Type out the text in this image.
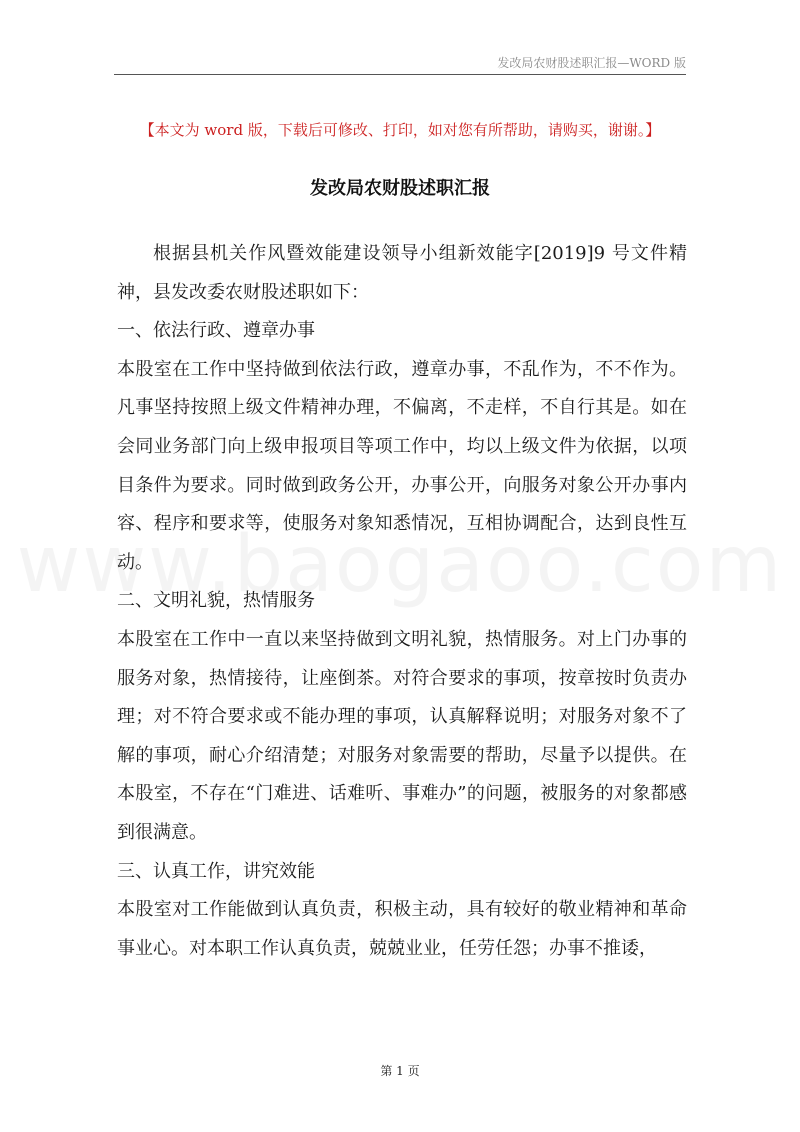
发改局农财股述职汇报—WORD 版
【本文为 word 版，下载后可修改、打印，如对您有所帮助，请购买，谢谢。】
发改局农财股述职汇报

根据县机关作风暨效能建设领导小组新效能字[2019]9 号文件精神，县发改委农财股述职如下：

一、依法行政、遵章办事

本股室在工作中坚持做到依法行政，遵章办事，不乱作为，不不作为。凡事坚持按照上级文件精神办理，不偏离，不走样，不自行其是。如在会同业务部门向上级申报项目等项工作中，均以上级文件为依据，以项目条件为要求。同时做到政务公开，办事公开，向服务对象公开办事内容、程序和要求等，使服务对象知悉情况，互相协调配合，达到良性互动。

二、文明礼貌，热情服务

本股室在工作中一直以来坚持做到文明礼貌，热情服务。对上门办事的服务对象，热情接待，让座倒茶。对符合要求的事项，按章按时负责办理；对不符合要求或不能办理的事项，认真解释说明；对服务对象不了解的事项，耐心介绍清楚；对服务对象需要的帮助，尽量予以提供。在本股室，不存在“门难进、话难听、事难办”的问题，被服务的对象都感到很满意。

三、认真工作，讲究效能

本股室对工作能做到认真负责，积极主动，具有较好的敬业精神和革命事业心。对本职工作认真负责，兢兢业业，任劳任怨；办事不推诿，

第 1 页
